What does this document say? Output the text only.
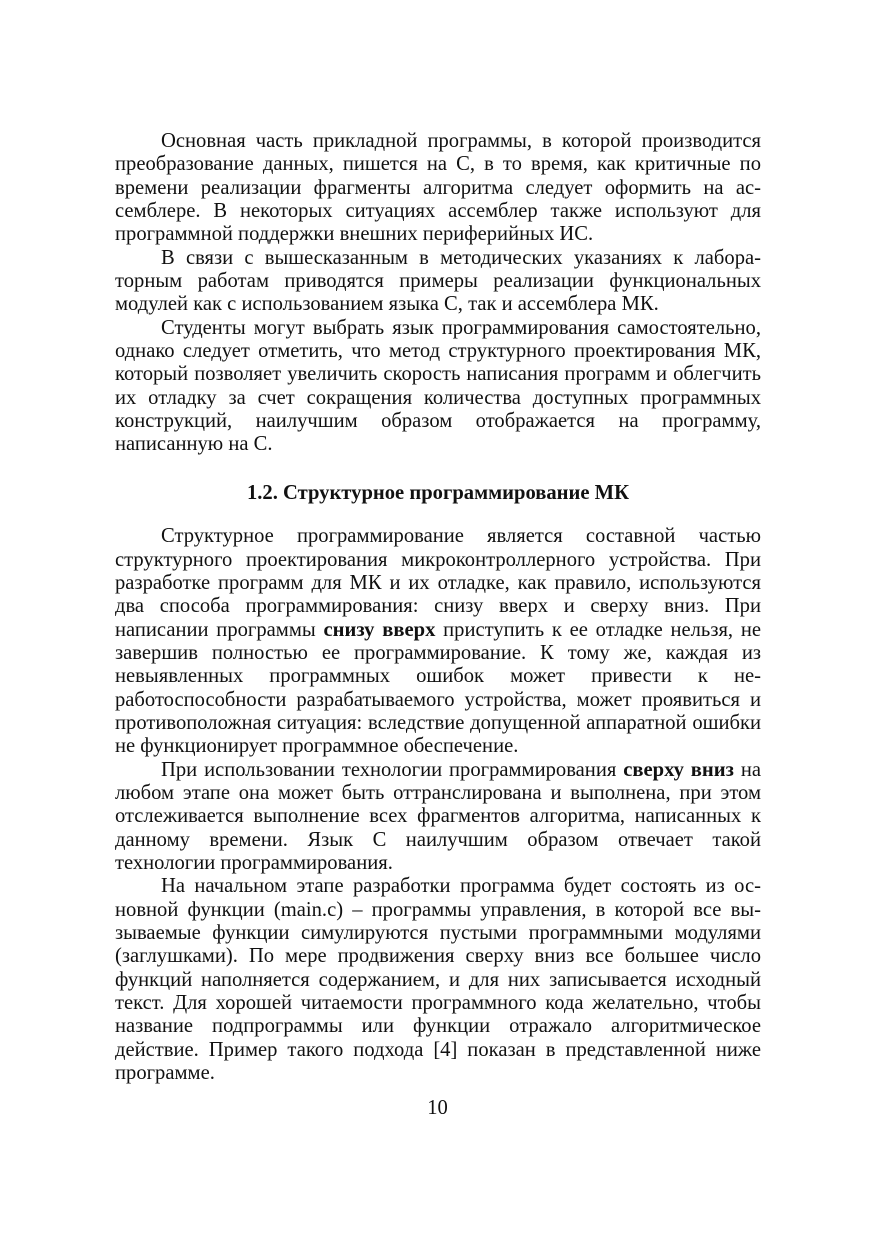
Основная часть прикладной программы, в которой производится преобразование данных, пишется на С, в то время, как критичные по времени реализации фрагменты алгоритма следует оформить на ассемблере. В некоторых ситуациях ассемблер также используют для программной поддержки внешних периферийных ИС.

В связи с вышесказанным в методических указаниях к лабораторным работам приводятся примеры реализации функциональных модулей как с использованием языка С, так и ассемблера МК.

Студенты могут выбрать язык программирования самостоятельно, однако следует отметить, что метод структурного проектирования МК, который позволяет увеличить скорость написания программ и облегчить их отладку за счет сокращения количества доступных программных конструкций, наилучшим образом отображается на программу, написанную на С.

1.2. Структурное программирование МК

Структурное программирование является составной частью структурного проектирования микроконтроллерного устройства. При разработке программ для МК и их отладке, как правило, используются два способа программирования: снизу вверх и сверху вниз. При написании программы снизу вверх приступить к ее отладке нельзя, не завершив полностью ее программирование. К тому же, каждая из невыявленных программных ошибок может привести к неработоспособности разрабатываемого устройства, может проявиться и противоположная ситуация: вследствие допущенной аппаратной ошибки не функционирует программное обеспечение.

При использовании технологии программирования сверху вниз на любом этапе она может быть оттранслирована и выполнена, при этом отслеживается выполнение всех фрагментов алгоритма, написанных к данному времени. Язык С наилучшим образом отвечает такой технологии программирования.

На начальном этапе разработки программа будет состоять из основной функции (main.c) – программы управления, в которой все вызываемые функции симулируются пустыми программными модулями (заглушками). По мере продвижения сверху вниз все большее число функций наполняется содержанием, и для них записывается исходный текст. Для хорошей читаемости программного кода желательно, чтобы название подпрограммы или функции отражало алгоритмическое действие. Пример такого подхода [4] показан в представленной ниже программе.

10
